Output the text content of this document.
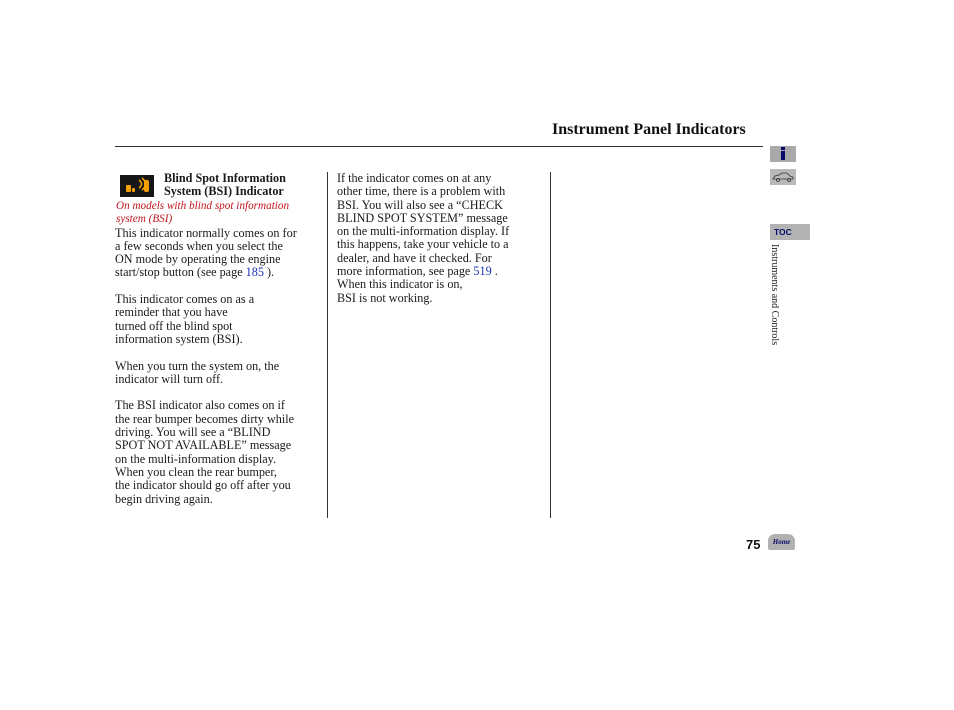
Instrument Panel Indicators
Blind Spot Information
System (BSI) Indicator
On models with blind spot information
system (BSI)

This indicator normally comes on for
a few seconds when you select the
ON mode by operating the engine
start/stop button (see page 185 ).

This indicator comes on as a
reminder that you have
turned off the blind spot
information system (BSI).

When you turn the system on, the
indicator will turn off.

The BSI indicator also comes on if
the rear bumper becomes dirty while
driving. You will see a “BLIND
SPOT NOT AVAILABLE” message
on the multi-information display.
When you clean the rear bumper,
the indicator should go off after you
begin driving again.

If the indicator comes on at any
other time, there is a problem with
BSI. You will also see a “CHECK
BLIND SPOT SYSTEM” message
on the multi-information display. If
this happens, take your vehicle to a
dealer, and have it checked. For
more information, see page 519 .
When this indicator is on,
BSI is not working.

TOC
Instruments and Controls
75	Home
